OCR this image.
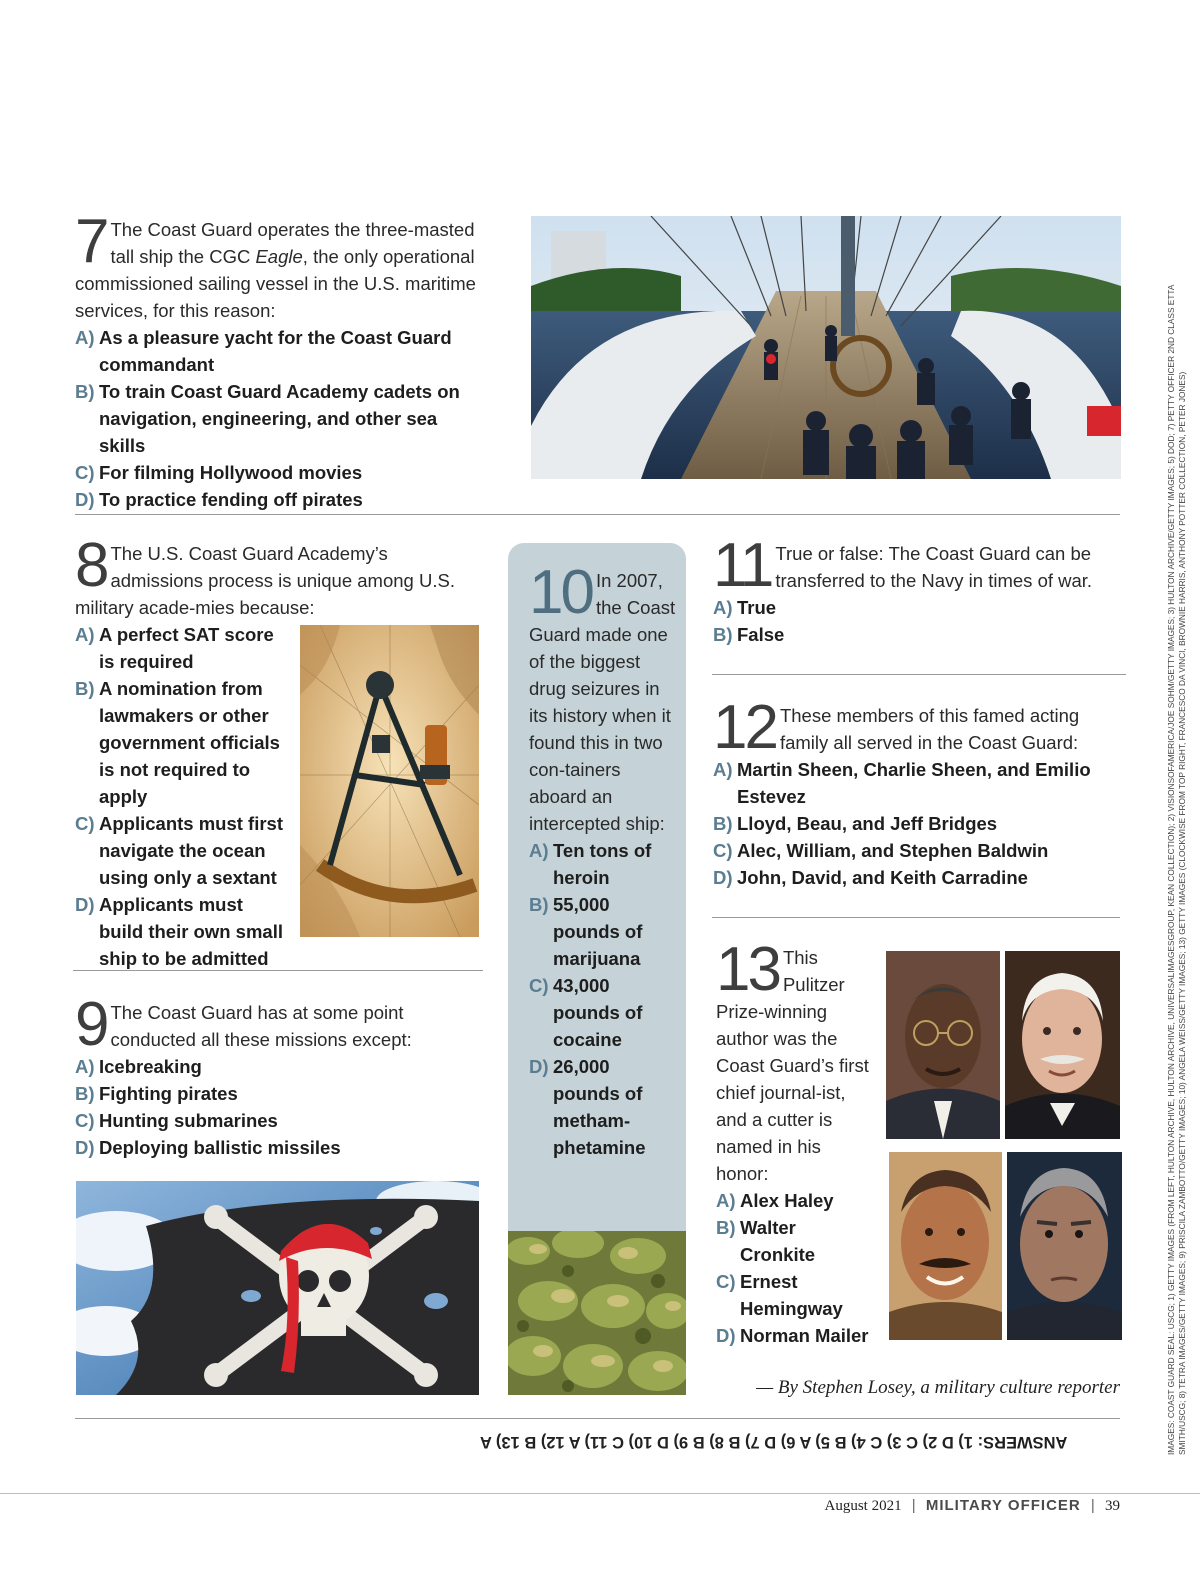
7 The Coast Guard operates the three-masted tall ship the CGC Eagle, the only operational commissioned sailing vessel in the U.S. maritime services, for this reason:

A) As a pleasure yacht for the Coast Guard commandant
B) To train Coast Guard Academy cadets on navigation, engineering, and other sea skills
C) For filming Hollywood movies
D) To practice fending off pirates
8 The U.S. Coast Guard Academy’s admissions process is unique among U.S. military acade-mies because:

A) A perfect SAT score is required
B) A nomination from lawmakers or other government officials is not required to apply
C) Applicants must first navigate the ocean using only a sextant
D) Applicants must build their own small ship to be admitted
10 In 2007, the Coast Guard made one of the biggest drug seizures in its history when it found this in two con-tainers aboard an intercepted ship:

A) Ten tons of heroin
B) 55,000 pounds of marijuana
C) 43,000 pounds of cocaine
D) 26,000 pounds of metham-phetamine
9 The Coast Guard has at some point conducted all these missions except:

A) Icebreaking
B) Fighting pirates
C) Hunting submarines
D) Deploying ballistic missiles
11 True or false: The Coast Guard can be transferred to the Navy in times of war.

A) True
B) False
12 These members of this famed acting family all served in the Coast Guard:

A) Martin Sheen, Charlie Sheen, and Emilio Estevez
B) Lloyd, Beau, and Jeff Bridges
C) Alec, William, and Stephen Baldwin
D) John, David, and Keith Carradine
13 This Pulitzer Prize-winning author was the Coast Guard’s first chief journal-ist, and a cutter is named in his honor:

A) Alex Haley
B) Walter Cronkite
C) Ernest Hemingway
D) Norman Mailer
— By Stephen Losey, a military culture reporter
ANSWERS: 1) D 2) C 3) C 4) B 5) A 6) D 7) B 8) B 9) D 10) C 11) A 12) B 13) A
August 2021 | MILITARY OFFICER | 39
IMAGES: COAST GUARD SEAL: USCG; 1) GETTY IMAGES (FROM LEFT, HULTON ARCHIVE, HULTON ARCHIVE, UNIVERSALIMAGESGROUP, KEAN COLLECTION); 2) VISIONSOFAMERICA/JOE SOHM/GETTY IMAGES; 3) HULTON ARCHIVE/GETTY IMAGES; 5) DOD; 7) PETTY OFFICER 2ND CLASS ETTA SMITH/USCG; 8) TETRA IMAGES/GETTY IMAGES; 9) PRISCILA ZAMBOTTO/GETTY IMAGES; 10) ANGELA WEISS/GETTY IMAGES; 13) GETTY IMAGES (CLOCKWISE FROM TOP RIGHT, FRANCESCO DA VINCI, BROWNIE HARRIS, ANTHONY POTTER COLLECTION, PETER JONES)
